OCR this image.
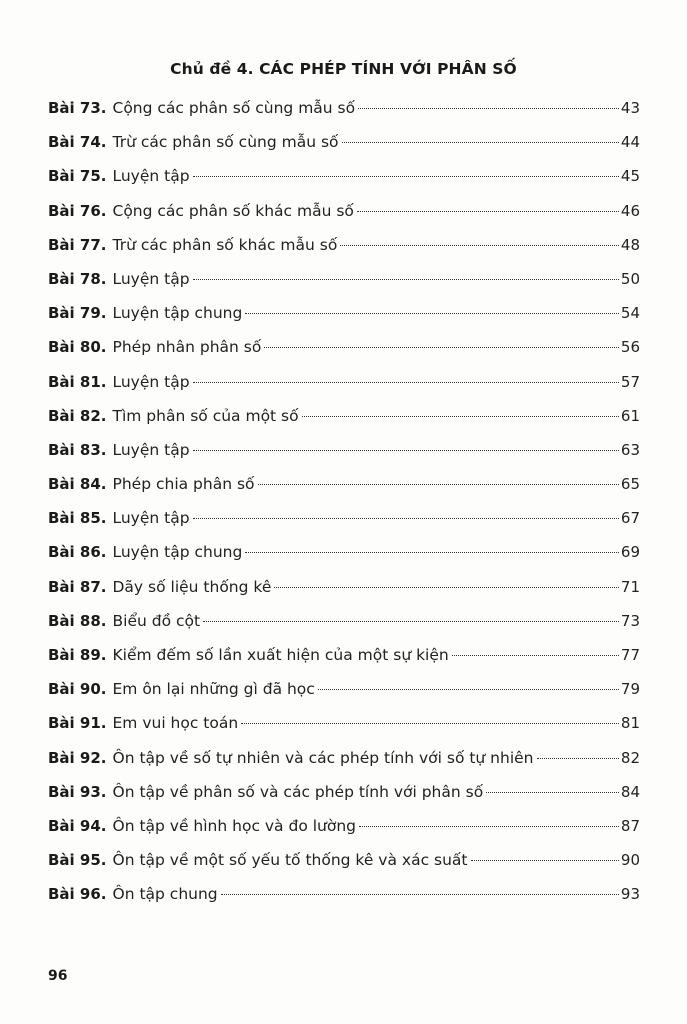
Chủ đề 4. CÁC PHÉP TÍNH VỚI PHÂN SỐ
Bài 73. Cộng các phân số cùng mẫu số	43
Bài 74. Trừ các phân số cùng mẫu số	44
Bài 75. Luyện tập	45
Bài 76. Cộng các phân số khác mẫu số	46
Bài 77. Trừ các phân số khác mẫu số	48
Bài 78. Luyện tập	50
Bài 79. Luyện tập chung	54
Bài 80. Phép nhân phân số	56
Bài 81. Luyện tập	57
Bài 82. Tìm phân số của một số	61
Bài 83. Luyện tập	63
Bài 84. Phép chia phân số	65
Bài 85. Luyện tập	67
Bài 86. Luyện tập chung	69
Bài 87. Dãy số liệu thống kê	71
Bài 88. Biểu đồ cột	73
Bài 89. Kiểm đếm số lần xuất hiện của một sự kiện	77
Bài 90. Em ôn lại những gì đã học	79
Bài 91. Em vui học toán	81
Bài 92. Ôn tập về số tự nhiên và các phép tính với số tự nhiên	82
Bài 93. Ôn tập về phân số và các phép tính với phân số	84
Bài 94. Ôn tập về hình học và đo lường	87
Bài 95. Ôn tập về một số yếu tố thống kê và xác suất	90
Bài 96. Ôn tập chung	93
96
